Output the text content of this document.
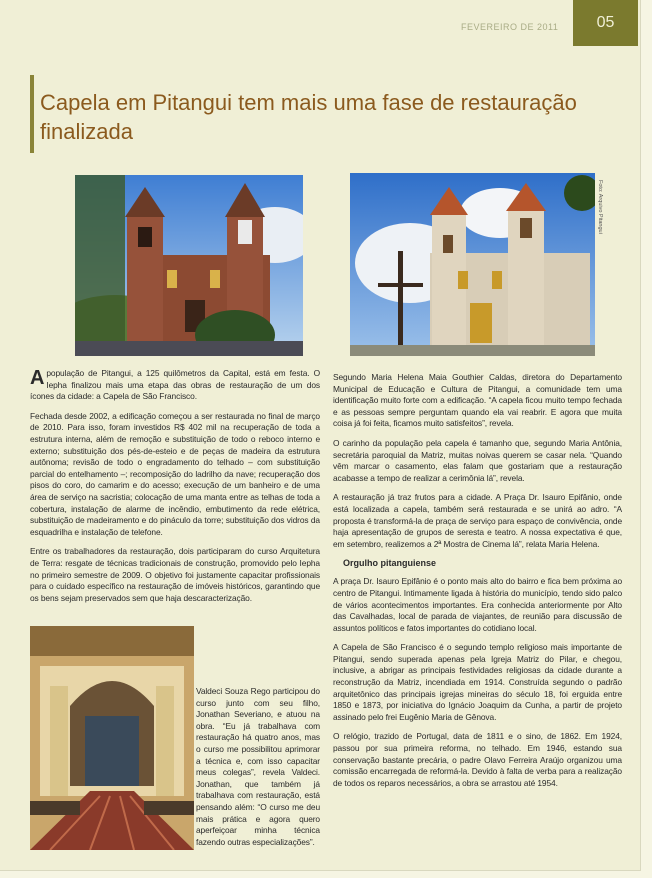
FEVEREIRO DE 2011	05
Capela em Pitangui tem mais uma fase de restauração finalizada
Foto: Arquivo Pitangui

A população de Pitangui, a 125 quilômetros da Capital, está em festa. O Iepha finalizou mais uma etapa das obras de restauração de um dos ícones da cidade: a Capela de São Francisco.

Fechada desde 2002, a edificação começou a ser restaurada no final de março de 2010. Para isso, foram investidos R$ 402 mil na recuperação de toda a estrutura interna, além de remoção e substituição de todo o reboco interno e externo; substituição dos pés-de-esteio e de peças de madeira da estrutura autônoma; revisão de todo o engradamento do telhado – com substituição parcial do entelhamento –; recomposição do ladrilho da nave; recuperação dos pisos do coro, do camarim e do acesso; execução de um banheiro e de uma área de serviço na sacristia; colocação de uma manta entre as telhas de toda a cobertura, instalação de alarme de incêndio, embutimento da rede elétrica, substituição de madeiramento e do pináculo da torre; substituição dos vidros da esquadrilha e instalação de telefone.

Entre os trabalhadores da restauração, dois participaram do curso Arquitetura de Terra: resgate de técnicas tradicionais de construção, promovido pelo Iepha no primeiro semestre de 2009. O objetivo foi justamente capacitar profissionais para o cuidado específico na restauração de imóveis históricos, garantindo que os bens sejam preservados sem que haja descaracterização.

Valdeci Souza Rego participou do curso junto com seu filho, Jonathan Severiano, e atuou na obra. “Eu já trabalhava com restauração há quatro anos, mas o curso me possibilitou aprimorar a técnica e, com isso capacitar meus colegas”, revela Valdeci. Jonathan, que também já trabalhava com restauração, está pensando além: “O curso me deu mais prática e agora quero aperfeiçoar minha técnica fazendo outras especializações”.

Segundo Maria Helena Maia Gouthier Caldas, diretora do Departamento Municipal de Educação e Cultura de Pitangui, a comunidade tem uma identificação muito forte com a edificação. “A capela ficou muito tempo fechada e as pessoas sempre perguntam quando ela vai reabrir. E agora que muita coisa já foi feita, ficamos muito satisfeitos”, revela.

O carinho da população pela capela é tamanho que, segundo Maria Antônia, secretária paroquial da Matriz, muitas noivas querem se casar nela. “Quando vêm marcar o casamento, elas falam que gostariam que a restauração acabasse a tempo de realizar a cerimônia lá”, revela.

A restauração já traz frutos para a cidade. A Praça Dr. Isauro Epifânio, onde está localizada a capela, também será restaurada e se unirá ao adro. “A proposta é transformá-la de praça de serviço para espaço de convivência, onde haja apresentação de grupos de seresta e teatro. A nossa expectativa é que, em setembro, realizemos a 2ª Mostra de Cinema lá”, relata Maria Helena.

Orgulho pitanguiense

A praça Dr. Isauro Epifânio é o ponto mais alto do bairro e fica bem próxima ao centro de Pitangui. Intimamente ligada à história do município, tendo sido palco de vários acontecimentos importantes. Era conhecida anteriormente por Alto das Cavalhadas, local de parada de viajantes, de reunião para discussão de assuntos políticos e fatos importantes do cotidiano local.

A Capela de São Francisco é o segundo templo religioso mais importante de Pitangui, sendo superada apenas pela Igreja Matriz do Pilar, e chegou, inclusive, a abrigar as principais festividades religiosas da cidade durante a reconstrução da Matriz, incendiada em 1914. Construída segundo o padrão arquitetônico das principais igrejas mineiras do século 18, foi erguida entre 1850 e 1873, por iniciativa do Ignácio Joaquim da Cunha, a partir de projeto assinado pelo frei Eugênio Maria de Gênova.

O relógio, trazido de Portugal, data de 1811 e o sino, de 1862. Em 1924, passou por sua primeira reforma, no telhado. Em 1946, estando sua conservação bastante precária, o padre Olavo Ferreira Araújo organizou uma comissão encarregada de reformá-la. Devido à falta de verba para a realização de todos os reparos necessários, a obra se arrastou até 1954.
